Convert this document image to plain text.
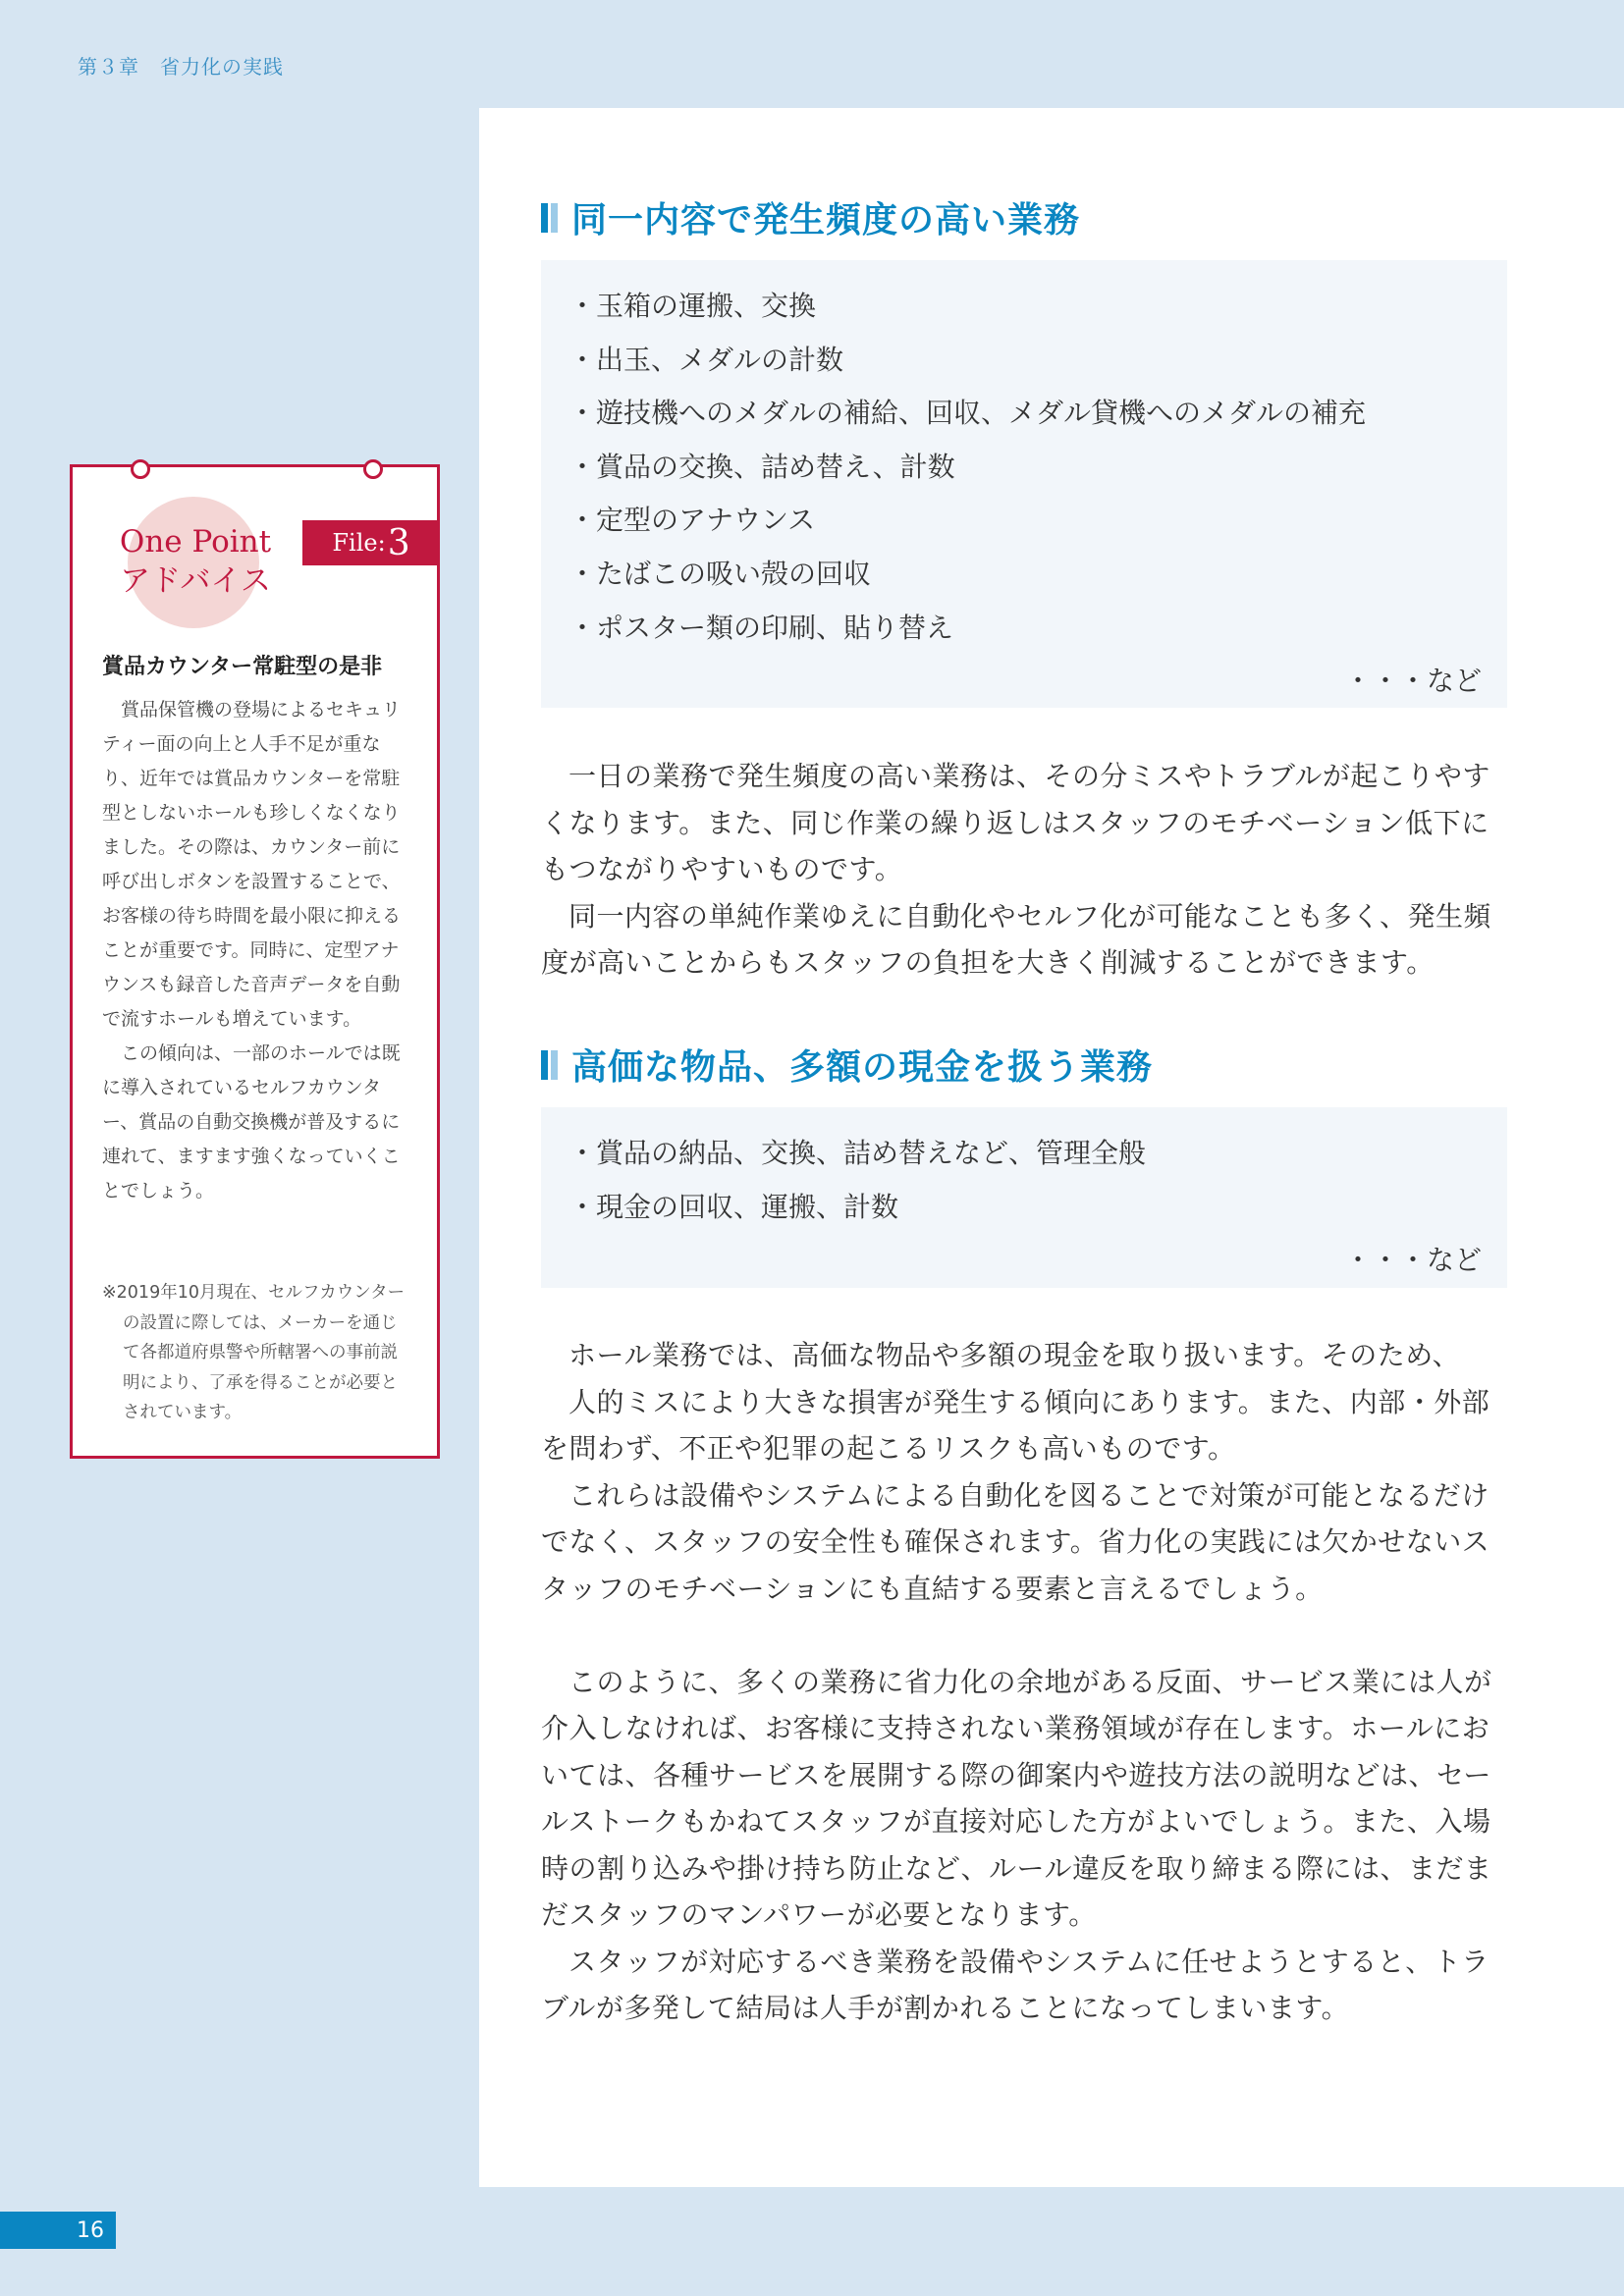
第３章　省力化の実践
同一内容で発生頻度の高い業務
・玉箱の運搬、交換
・出玉、メダルの計数
・遊技機へのメダルの補給、回収、メダル貸機へのメダルの補充
・賞品の交換、詰め替え、計数
・定型のアナウンス
・たばこの吸い殻の回収
・ポスター類の印刷、貼り替え
・・・など

一日の業務で発生頻度の高い業務は、その分ミスやトラブルが起こりやすくなります。また、同じ作業の繰り返しはスタッフのモチベーション低下にもつながりやすいものです。

同一内容の単純作業ゆえに自動化やセルフ化が可能なことも多く、発生頻度が高いことからもスタッフの負担を大きく削減することができます。

高価な物品、多額の現金を扱う業務
・賞品の納品、交換、詰め替えなど、管理全般
・現金の回収、運搬、計数
・・・など

ホール業務では、高価な物品や多額の現金を取り扱います。そのため、

人的ミスにより大きな損害が発生する傾向にあります。また、内部・外部を問わず、不正や犯罪の起こるリスクも高いものです。

これらは設備やシステムによる自動化を図ることで対策が可能となるだけでなく、スタッフの安全性も確保されます。省力化の実践には欠かせないスタッフのモチベーションにも直結する要素と言えるでしょう。

このように、多くの業務に省力化の余地がある反面、サービス業には人が介入しなければ、お客様に支持されない業務領域が存在します。ホールにおいては、各種サービスを展開する際の御案内や遊技方法の説明などは、セールストークもかねてスタッフが直接対応した方がよいでしょう。また、入場時の割り込みや掛け持ち防止など、ルール違反を取り締まる際には、まだまだスタッフのマンパワーが必要となります。

スタッフが対応するべき業務を設備やシステムに任せようとすると、トラブルが多発して結局は人手が割かれることになってしまいます。

One Point
アドバイス
File: 3
賞品カウンター常駐型の是非

賞品保管機の登場によるセキュリティー面の向上と人手不足が重なり、近年では賞品カウンターを常駐型としないホールも珍しくなくなりました。その際は、カウンター前に呼び出しボタンを設置することで、お客様の待ち時間を最小限に抑えることが重要です。同時に、定型アナウンスも録音した音声データを自動で流すホールも増えています。

この傾向は、一部のホールでは既に導入されているセルフカウンター、賞品の自動交換機が普及するに連れて、ますます強くなっていくことでしょう。

※2019年10月現在、セルフカウンターの設置に際しては、メーカーを通じて各都道府県警や所轄署への事前説明により、了承を得ることが必要とされています。
16
